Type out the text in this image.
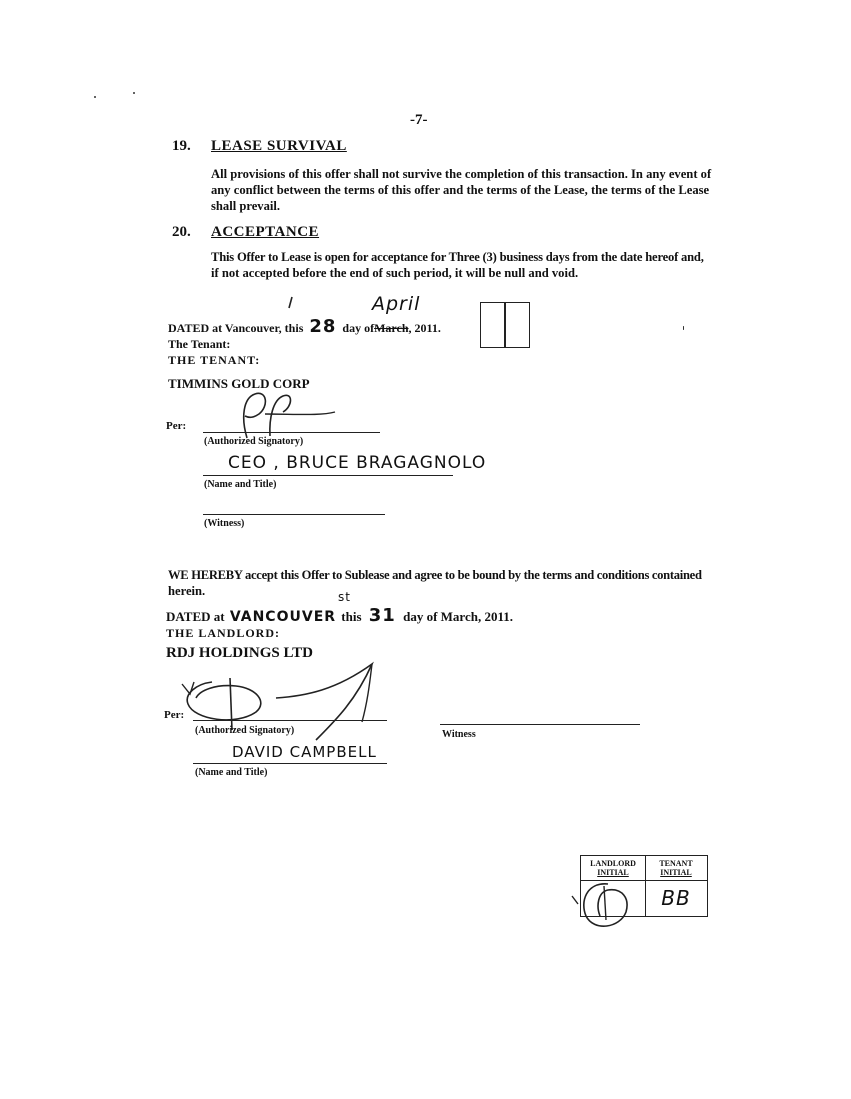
-7-
19. LEASE SURVIVAL
All provisions of this offer shall not survive the completion of this transaction. In any event of
any conflict between the terms of this offer and the terms of the Lease, the terms of the Lease
shall prevail.
20. ACCEPTANCE
This Offer to Lease is open for acceptance for Three (3) business days from the date hereof and,
if not accepted before the end of such period, it will be null and void.
DATED at Vancouver, this 28 day ofMarch, 2011.
April
The Tenant:
THE TENANT:
TIMMINS GOLD CORP
Per:
(Authorized Signatory)
CEO , BRUCE BRAGAGNOLO
(Name and Title)
(Witness)
WE HEREBY accept this Offer to Sublease and agree to be bound by the terms and conditions contained
herein.
DATED at VANCOUVER this 31 day of March, 2011.
st
THE LANDLORD:
RDJ HOLDINGS LTD
Per:
(Authorized Signatory)
DAVID CAMPBELL
(Name and Title)
Witness
LANDLORD
INITIAL
TENANT
INITIAL
BB
